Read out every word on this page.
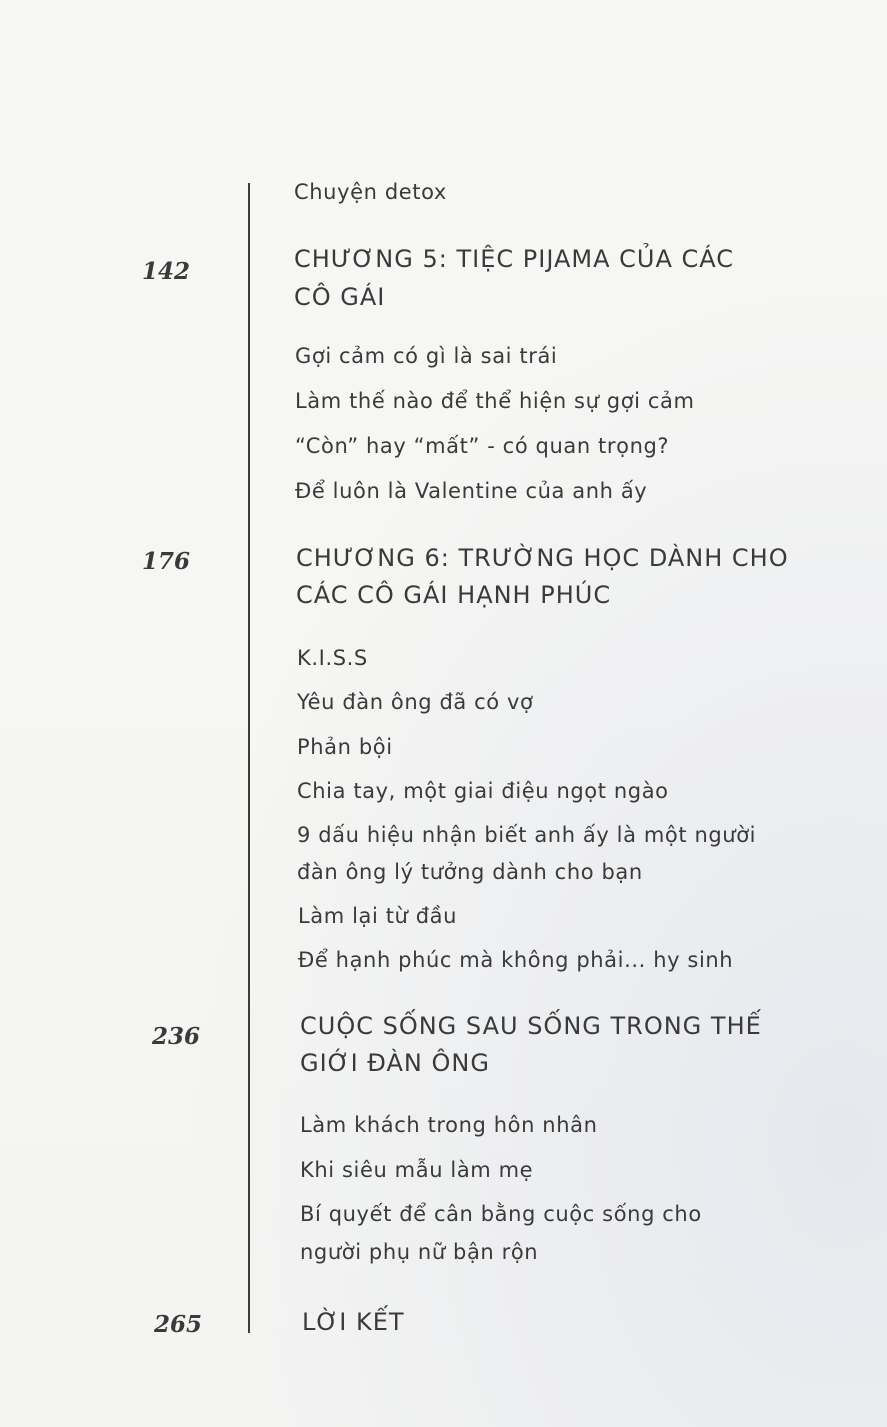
Chuyện detox
142	CHƯƠNG 5: TIỆC PIJAMA CỦA CÁC
CÔ GÁI
Gợi cảm có gì là sai trái
Làm thế nào để thể hiện sự gợi cảm
“Còn” hay “mất” - có quan trọng?
Để luôn là Valentine của anh ấy
176	CHƯƠNG 6: TRƯỜNG HỌC DÀNH CHO
CÁC CÔ GÁI HẠNH PHÚC
K.I.S.S
Yêu đàn ông đã có vợ
Phản bội
Chia tay, một giai điệu ngọt ngào
9 dấu hiệu nhận biết anh ấy là một người
đàn ông lý tưởng dành cho bạn
Làm lại từ đầu
Để hạnh phúc mà không phải... hy sinh
236	CUỘC SỐNG SAU SỐNG TRONG THẾ
GIỚI ĐÀN ÔNG
Làm khách trong hôn nhân
Khi siêu mẫu làm mẹ
Bí quyết để cân bằng cuộc sống cho
người phụ nữ bận rộn
265	LỜI KẾT
